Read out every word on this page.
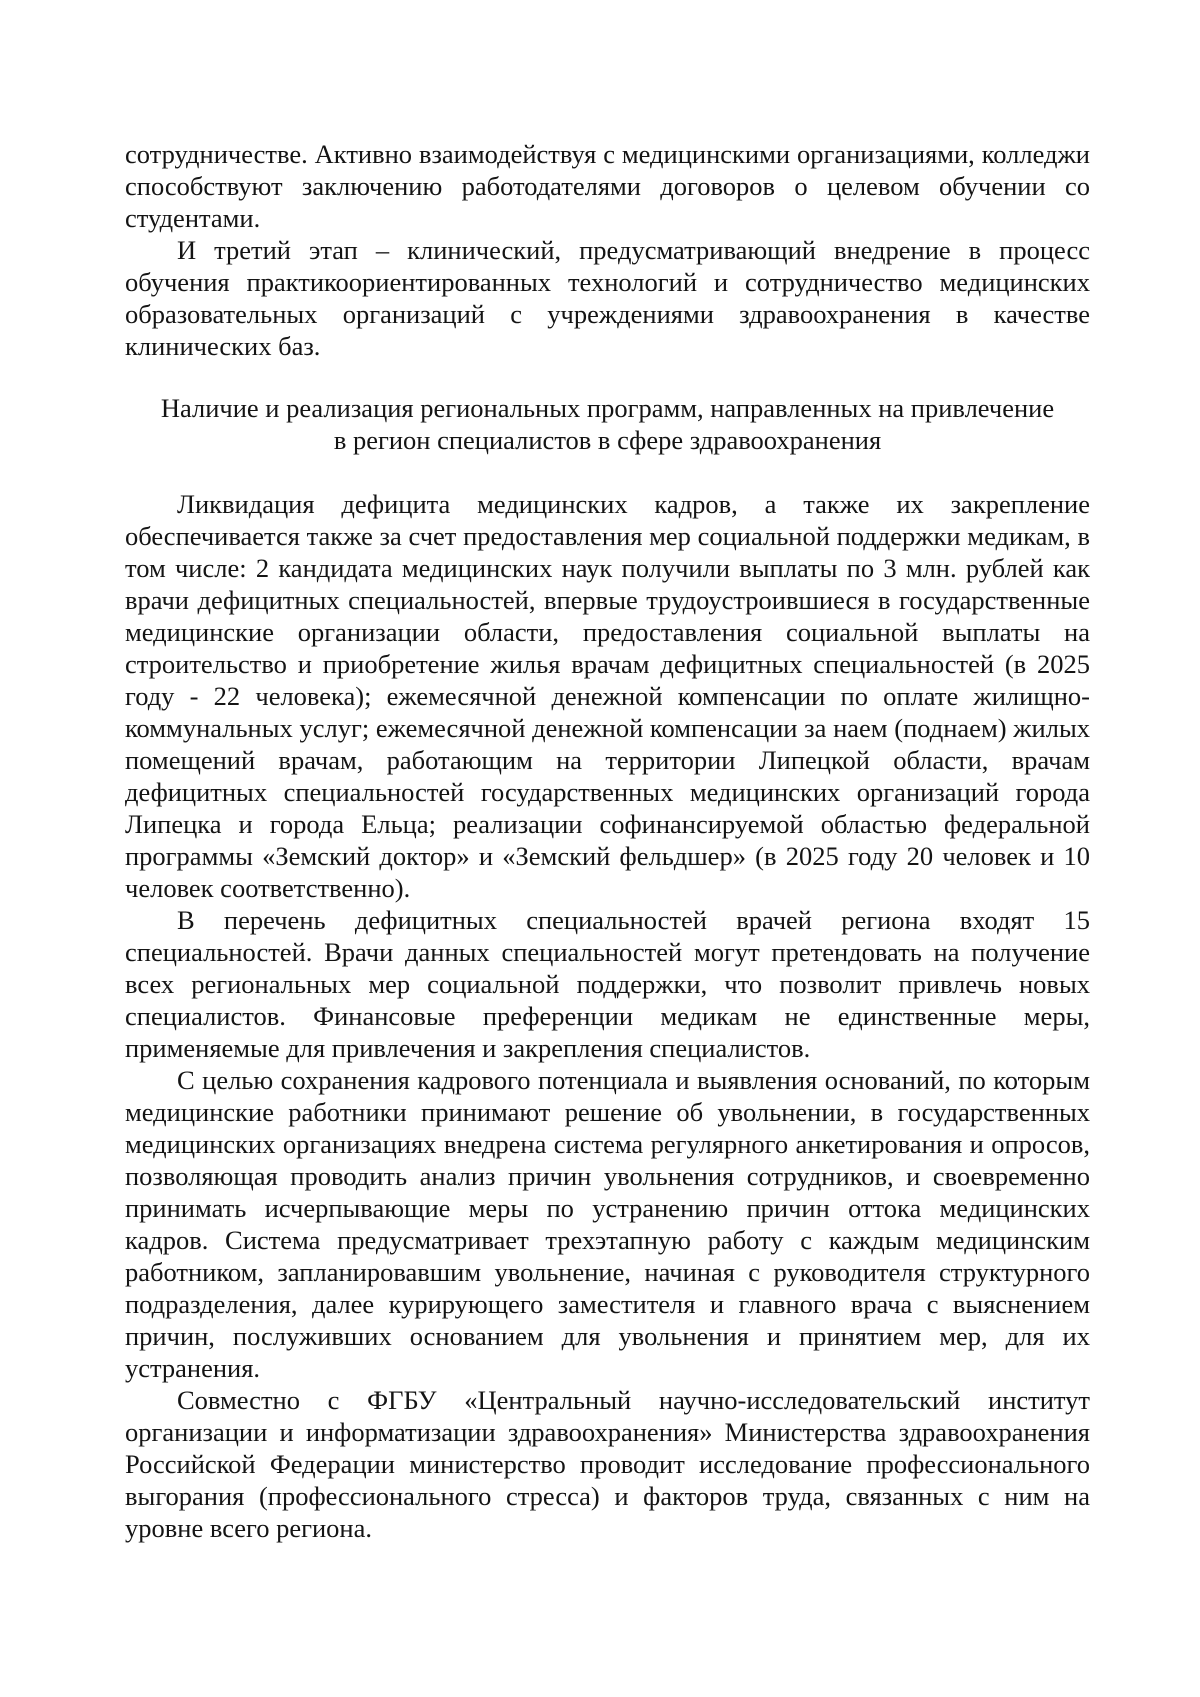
сотрудничестве. Активно взаимодействуя с медицинскими организациями, колледжи способствуют заключению работодателями договоров о целевом обучении со студентами.

И третий этап – клинический, предусматривающий внедрение в процесс обучения практикоориентированных технологий и сотрудничество медицинских образовательных организаций с учреждениями здравоохранения в качестве клинических баз.

Наличие и реализация региональных программ, направленных на привлечение
в регион специалистов в сфере здравоохранения

Ликвидация дефицита медицинских кадров, а также их закрепление обеспечивается также за счет предоставления мер социальной поддержки медикам, в том числе: 2 кандидата медицинских наук получили выплаты по 3 млн. рублей как врачи дефицитных специальностей, впервые трудоустроившиеся в государственные медицинские организации области, предоставления социальной выплаты на строительство и приобретение жилья врачам дефицитных специальностей (в 2025 году - 22 человека); ежемесячной денежной компенсации по оплате жилищно-коммунальных услуг; ежемесячной денежной компенсации за наем (поднаем) жилых помещений врачам, работающим на территории Липецкой области, врачам дефицитных специальностей государственных медицинских организаций города Липецка и города Ельца; реализации софинансируемой областью федеральной программы «Земский доктор» и «Земский фельдшер» (в 2025 году 20 человек и 10 человек соответственно).

В перечень дефицитных специальностей врачей региона входят 15 специальностей. Врачи данных специальностей могут претендовать на получение всех региональных мер социальной поддержки, что позволит привлечь новых специалистов. Финансовые преференции медикам не единственные меры, применяемые для привлечения и закрепления специалистов.

С целью сохранения кадрового потенциала и выявления оснований, по которым медицинские работники принимают решение об увольнении, в государственных медицинских организациях внедрена система регулярного анкетирования и опросов, позволяющая проводить анализ причин увольнения сотрудников, и своевременно принимать исчерпывающие меры по устранению причин оттока медицинских кадров. Система предусматривает трехэтапную работу с каждым медицинским работником, запланировавшим увольнение, начиная с руководителя структурного подразделения, далее курирующего заместителя и главного врача с выяснением причин, послуживших основанием для увольнения и принятием мер, для их устранения.

Совместно с ФГБУ «Центральный научно-исследовательский институт организации и информатизации здравоохранения» Министерства здравоохранения Российской Федерации министерство проводит исследование профессионального выгорания (профессионального стресса) и факторов труда, связанных с ним на уровне всего региона.
